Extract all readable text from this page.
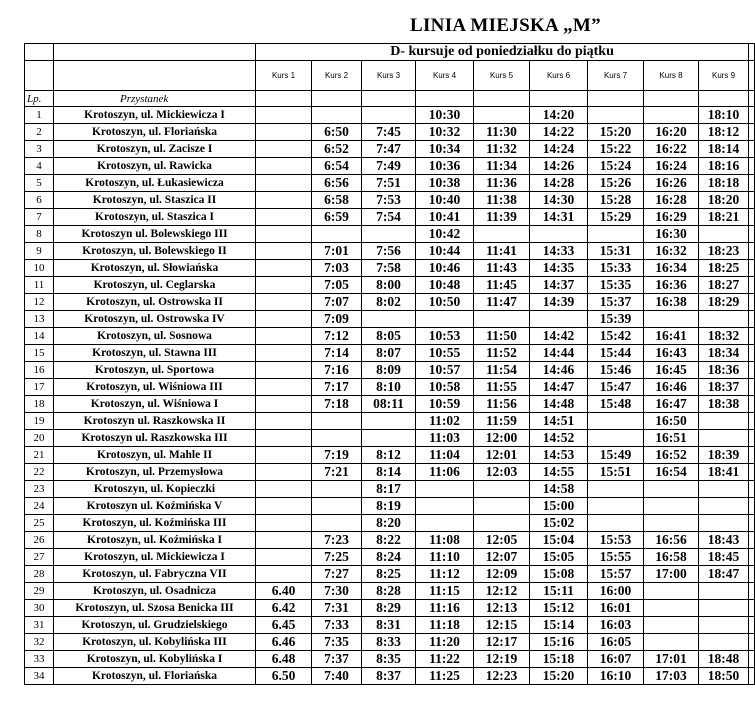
LINIA MIEJSKA „M”
		D- kursuje od poniedziałku do piątku									
		Kurs 1	Kurs 2	Kurs 3	Kurs 4	Kurs 5	Kurs 6	Kurs 7	Kurs 8	Kurs 9	
Lp.	Przystanek										
1	Krotoszyn, ul. Mickiewicza I				10:30		14:20			18:10	
2	Krotoszyn, ul. Floriańska		6:50	7:45	10:32	11:30	14:22	15:20	16:20	18:12	
3	Krotoszyn, ul. Zacisze I		6:52	7:47	10:34	11:32	14:24	15:22	16:22	18:14	
4	Krotoszyn, ul. Rawicka		6:54	7:49	10:36	11:34	14:26	15:24	16:24	18:16	
5	Krotoszyn, ul. Łukasiewicza		6:56	7:51	10:38	11:36	14:28	15:26	16:26	18:18	
6	Krotoszyn, ul. Staszica II		6:58	7:53	10:40	11:38	14:30	15:28	16:28	18:20	
7	Krotoszyn, ul. Staszica I		6:59	7:54	10:41	11:39	14:31	15:29	16:29	18:21	
8	Krotoszyn ul. Bolewskiego III				10:42				16:30		
9	Krotoszyn, ul. Bolewskiego II		7:01	7:56	10:44	11:41	14:33	15:31	16:32	18:23	
10	Krotoszyn, ul. Słowiańska		7:03	7:58	10:46	11:43	14:35	15:33	16:34	18:25	
11	Krotoszyn, ul. Ceglarska		7:05	8:00	10:48	11:45	14:37	15:35	16:36	18:27	
12	Krotoszyn, ul. Ostrowska II		7:07	8:02	10:50	11:47	14:39	15:37	16:38	18:29	
13	Krotoszyn, ul. Ostrowska IV		7:09					15:39			
14	Krotoszyn, ul. Sosnowa		7:12	8:05	10:53	11:50	14:42	15:42	16:41	18:32	
15	Krotoszyn, ul. Stawna III		7:14	8:07	10:55	11:52	14:44	15:44	16:43	18:34	
16	Krotoszyn, ul. Sportowa		7:16	8:09	10:57	11:54	14:46	15:46	16:45	18:36	
17	Krotoszyn, ul. Wiśniowa III		7:17	8:10	10:58	11:55	14:47	15:47	16:46	18:37	
18	Krotoszyn, ul. Wiśniowa I		7:18	08:11	10:59	11:56	14:48	15:48	16:47	18:38	
19	Krotoszyn ul. Raszkowska II				11:02	11:59	14:51		16:50		
20	Krotoszyn ul. Raszkowska III				11:03	12:00	14:52		16:51		
21	Krotoszyn, ul. Mahle II		7:19	8:12	11:04	12:01	14:53	15:49	16:52	18:39	
22	Krotoszyn, ul. Przemysłowa		7:21	8:14	11:06	12:03	14:55	15:51	16:54	18:41	
23	Krotoszyn, ul. Kopieczki			8:17			14:58				
24	Krotoszyn ul. Koźmińska V			8:19			15:00				
25	Krotoszyn, ul. Koźmińska III			8:20			15:02				
26	Krotoszyn, ul. Koźmińska I		7:23	8:22	11:08	12:05	15:04	15:53	16:56	18:43	
27	Krotoszyn, ul. Mickiewicza I		7:25	8:24	11:10	12:07	15:05	15:55	16:58	18:45	
28	Krotoszyn, ul. Fabryczna VII		7:27	8:25	11:12	12:09	15:08	15:57	17:00	18:47	
29	Krotoszyn, ul. Osadnicza	6.40	7:30	8:28	11:15	12:12	15:11	16:00			
30	Krotoszyn, ul. Szosa Benicka III	6.42	7:31	8:29	11:16	12:13	15:12	16:01			
31	Krotoszyn, ul. Grudzielskiego	6.45	7:33	8:31	11:18	12:15	15:14	16:03			
32	Krotoszyn, ul. Kobylińska III	6.46	7:35	8:33	11:20	12:17	15:16	16:05			
33	Krotoszyn, ul. Kobylińska I	6.48	7:37	8:35	11:22	12:19	15:18	16:07	17:01	18:48	
34	Krotoszyn, ul. Floriańska	6.50	7:40	8:37	11:25	12:23	15:20	16:10	17:03	18:50	
